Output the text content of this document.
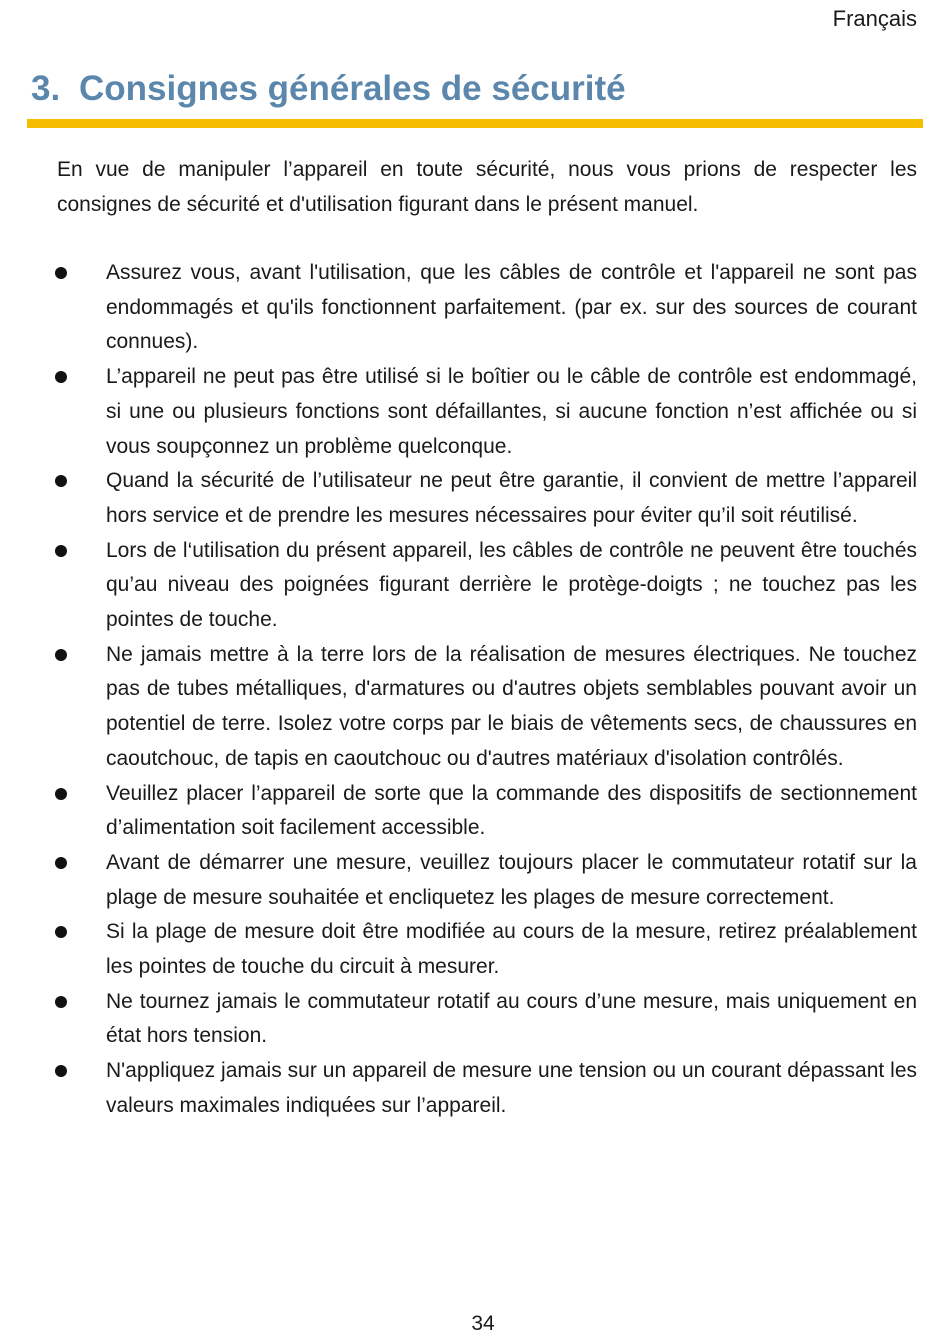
Français
3. Consignes générales de sécurité

En vue de manipuler l’appareil en toute sécurité, nous vous prions de respecter les consignes de sécurité et d'utilisation figurant dans le présent manuel.

Assurez vous, avant l'utilisation, que les câbles de contrôle et l'appareil ne sont pas endommagés et qu'ils fonctionnent parfaitement. (par ex. sur des sources de courant connues).
L’appareil ne peut pas être utilisé si le boîtier ou le câble de contrôle est endommagé, si une ou plusieurs fonctions sont défaillantes, si aucune fonction n’est affichée ou si vous soupçonnez un problème quelconque.
Quand la sécurité de l’utilisateur ne peut être garantie, il convient de mettre l’appareil hors service et de prendre les mesures nécessaires pour éviter qu’il soit réutilisé.
Lors de l‘utilisation du présent appareil, les câbles de contrôle ne peuvent être touchés qu’au niveau des poignées figurant derrière le protège-doigts ; ne touchez pas les pointes de touche.
Ne jamais mettre à la terre lors de la réalisation de mesures électriques. Ne touchez pas de tubes métalliques, d'armatures ou d'autres objets semblables pouvant avoir un potentiel de terre. Isolez votre corps par le biais de vêtements secs, de chaussures en caoutchouc, de tapis en caoutchouc ou d'autres matériaux d'isolation contrôlés.
Veuillez placer l’appareil de sorte que la commande des dispositifs de sectionnement d’alimentation soit facilement accessible.
Avant de démarrer une mesure, veuillez toujours placer le commutateur rotatif sur la plage de mesure souhaitée et encliquetez les plages de mesure correctement.
Si la plage de mesure doit être modifiée au cours de la mesure, retirez préalablement les pointes de touche du circuit à mesurer.
Ne tournez jamais le commutateur rotatif au cours d’une mesure, mais uniquement en état hors tension.
N'appliquez jamais sur un appareil de mesure une tension ou un courant dépassant les valeurs maximales indiquées sur l’appareil.
34
